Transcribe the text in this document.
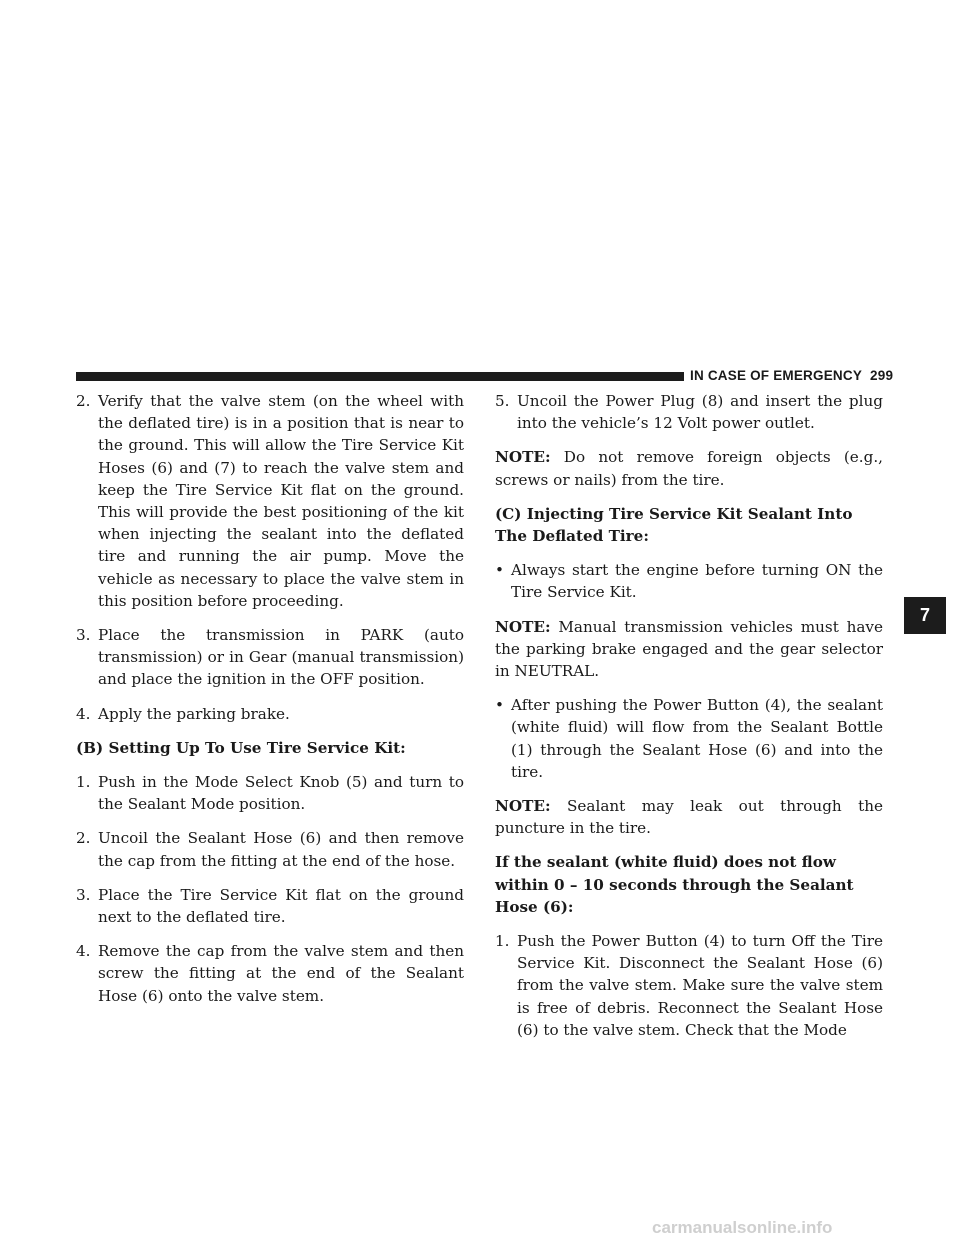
IN CASE OF EMERGENCY 299
2. Verify that the valve stem (on the wheel with the deflated tire) is in a position that is near to the ground. This will allow the Tire Service Kit Hoses (6) and (7) to reach the valve stem and keep the Tire Service Kit flat on the ground. This will provide the best positioning of the kit when injecting the sealant into the deflated tire and running the air pump. Move the vehicle as necessary to place the valve stem in this position before proceeding.
3. Place the transmission in PARK (auto transmission) or in Gear (manual transmission) and place the ignition in the OFF position.
4. Apply the parking brake.
(B) Setting Up To Use Tire Service Kit:
1. Push in the Mode Select Knob (5) and turn to the Sealant Mode position.
2. Uncoil the Sealant Hose (6) and then remove the cap from the fitting at the end of the hose.
3. Place the Tire Service Kit flat on the ground next to the deflated tire.
4. Remove the cap from the valve stem and then screw the fitting at the end of the Sealant Hose (6) onto the valve stem.
5. Uncoil the Power Plug (8) and insert the plug into the vehicle’s 12 Volt power outlet.
NOTE: Do not remove foreign objects (e.g., screws or nails) from the tire.
(C) Injecting Tire Service Kit Sealant Into The Deflated Tire:
• Always start the engine before turning ON the Tire Service Kit.
NOTE: Manual transmission vehicles must have the parking brake engaged and the gear selector in NEUTRAL.
• After pushing the Power Button (4), the sealant (white fluid) will flow from the Sealant Bottle (1) through the Sealant Hose (6) and into the tire.
NOTE: Sealant may leak out through the puncture in the tire.
If the sealant (white fluid) does not flow within 0 – 10 seconds through the Sealant Hose (6):
1. Push the Power Button (4) to turn Off the Tire Service Kit. Disconnect the Sealant Hose (6) from the valve stem. Make sure the valve stem is free of debris. Reconnect the Sealant Hose (6) to the valve stem. Check that the Mode
7
carmanualsonline.info
